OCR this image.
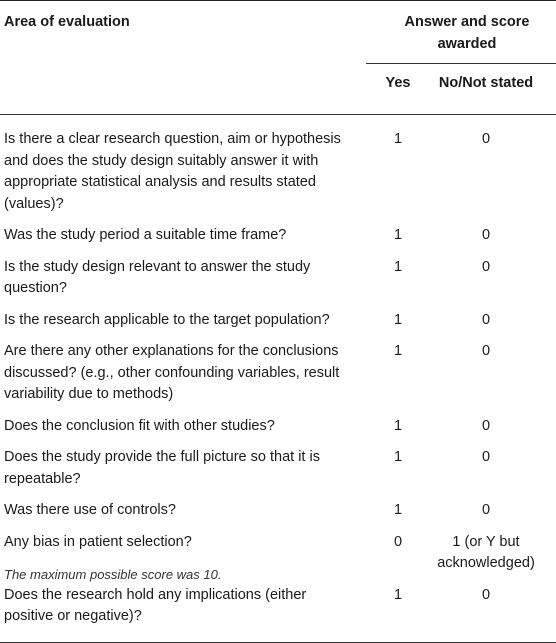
Area of evaluation	Answer and score awarded	
	Yes	No/Not stated
Is there a clear research question, aim or hypothesis and does the study design suitably answer it with appropriate statistical analysis and results stated (values)?	1	0
Was the study period a suitable time frame?	1	0
Is the study design relevant to answer the study question?	1	0
Is the research applicable to the target population?	1	0
Are there any other explanations for the conclusions discussed? (e.g., other confounding variables, result variability due to methods)	1	0
Does the conclusion fit with other studies?	1	0
Does the study provide the full picture so that it is repeatable?	1	0
Was there use of controls?	1	0
Any bias in patient selection?	0	1 (or Y but acknowledged)
Does the research hold any implications (either positive or negative)?	1	0
The maximum possible score was 10.
